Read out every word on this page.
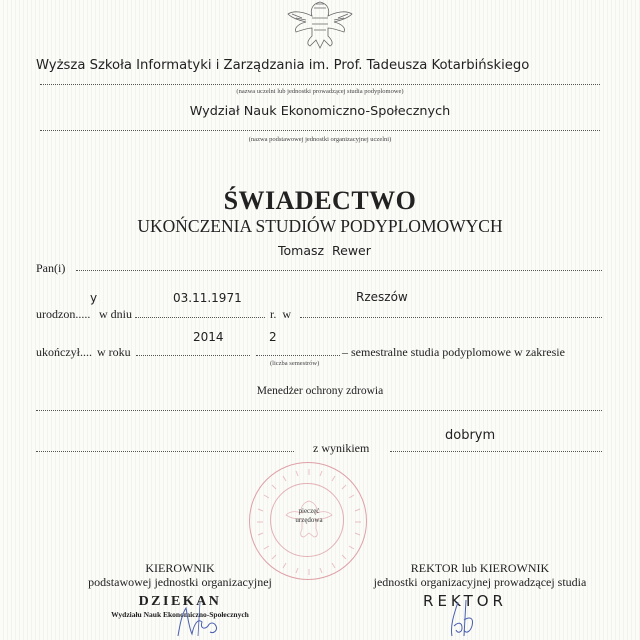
Wyższa Szkoła Informatyki i Zarządzania im. Prof. Tadeusza Kotarbińskiego
(nazwa uczelni lub jednostki prowadzącej studia podyplomowe)
Wydział Nauk Ekonomiczno-Społecznych
(nazwa podstawowej jednostki organizacyjnej uczelni)
ŚWIADECTWO
UKOŃCZENIA STUDIÓW PODYPLOMOWYCH
Tomasz  Rewer
Pan(i)
y	03.11.1971	Rzeszów
urodzon..... w dniu	r.  w
2014	2
ukończył.... w roku	– semestralne studia podyplomowe w zakresie
(liczba semestrów)
Menedżer ochrony zdrowia
dobrym
z wynikiem
pieczęć
urzędowa
KIEROWNIK
podstawowej jednostki organizacyjnej
DZIEKAN
Wydziału Nauk Ekonomiczno-Społecznych
REKTOR lub KIEROWNIK
jednostki organizacyjnej prowadzącej studia
REKTOR
